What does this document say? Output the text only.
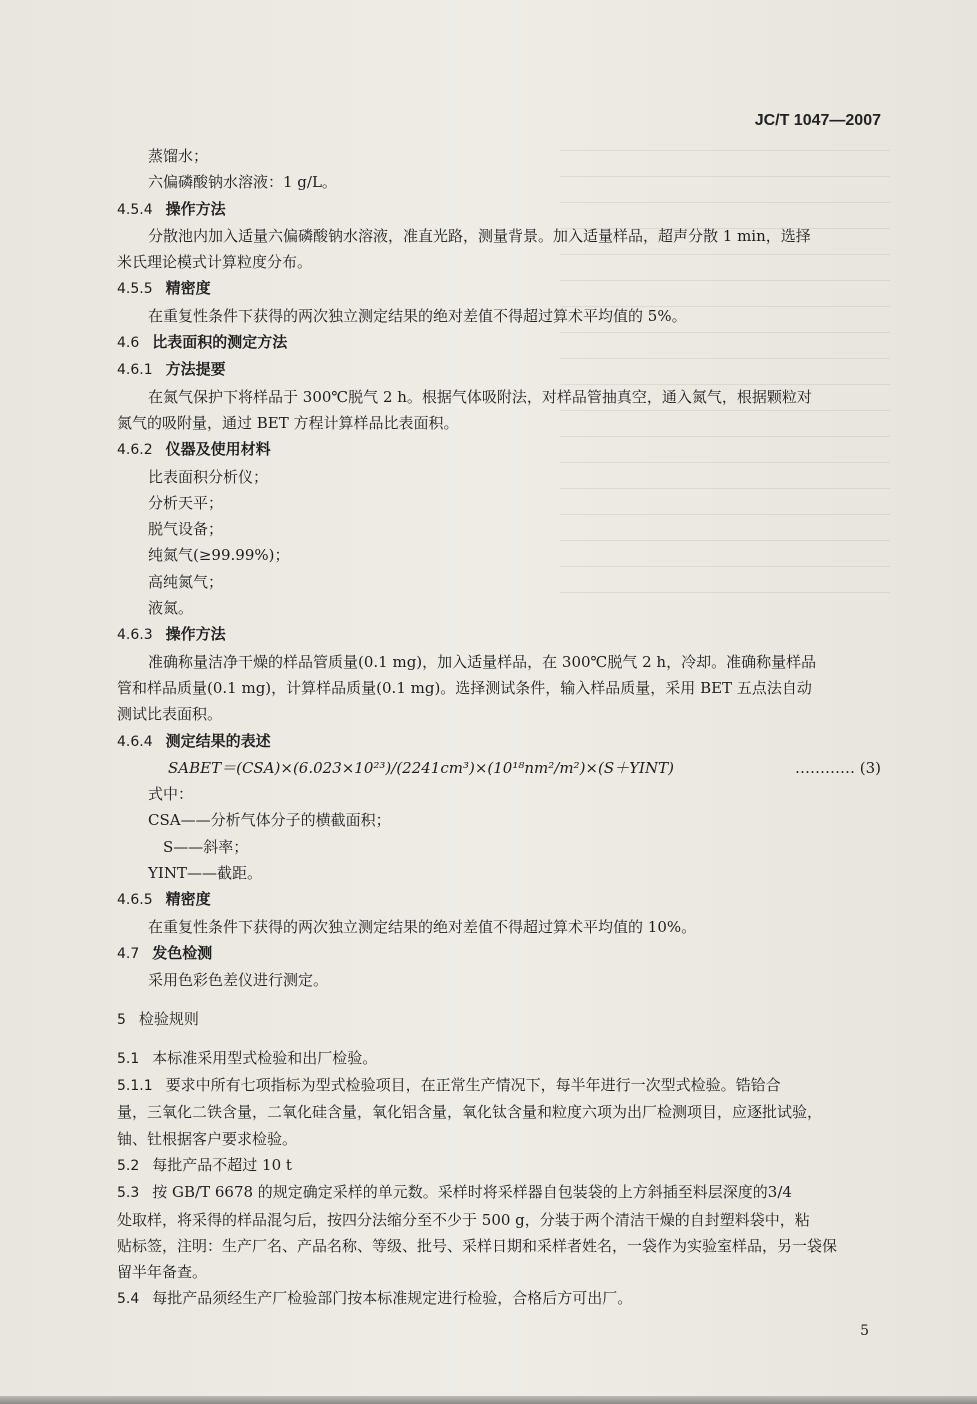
JC/T 1047—2007
蒸馏水；
六偏磷酸钠水溶液：1 g/L。
4.5.4 操作方法
分散池内加入适量六偏磷酸钠水溶液，准直光路，测量背景。加入适量样品，超声分散 1 min，选择
米氏理论模式计算粒度分布。
4.5.5 精密度
在重复性条件下获得的两次独立测定结果的绝对差值不得超过算术平均值的 5%。
4.6 比表面积的测定方法
4.6.1 方法提要
在氮气保护下将样品于 300℃脱气 2 h。根据气体吸附法，对样品管抽真空，通入氮气，根据颗粒对
氮气的吸附量，通过 BET 方程计算样品比表面积。
4.6.2 仪器及使用材料
比表面积分析仪；
分析天平；
脱气设备；
纯氮气(≥99.99%)；
高纯氮气；
液氮。
4.6.3 操作方法
准确称量洁净干燥的样品管质量(0.1 mg)，加入适量样品，在 300℃脱气 2 h，冷却。准确称量样品
管和样品质量(0.1 mg)，计算样品质量(0.1 mg)。选择测试条件，输入样品质量，采用 BET 五点法自动
测试比表面积。
4.6.4 测定结果的表述
SABET＝(CSA)×(6.023×10²³)/(2241cm³)×(10¹⁸nm²/m²)×(S＋YINT)	………… (3)
式中：
CSA——分析气体分子的横截面积；
S——斜率；
YINT——截距。
4.6.5 精密度
在重复性条件下获得的两次独立测定结果的绝对差值不得超过算术平均值的 10%。
4.7 发色检测
采用色彩色差仪进行测定。
5 检验规则
5.1 本标准采用型式检验和出厂检验。
5.1.1 要求中所有七项指标为型式检验项目，在正常生产情况下，每半年进行一次型式检验。锆铪合
量，三氧化二铁含量，二氧化硅含量，氧化铝含量，氧化钛含量和粒度六项为出厂检测项目，应逐批试验，
铀、钍根据客户要求检验。
5.2 每批产品不超过 10 t
5.3 按 GB/T 6678 的规定确定采样的单元数。采样时将采样器自包装袋的上方斜插至料层深度的3/4
处取样，将采得的样品混匀后，按四分法缩分至不少于 500 g，分装于两个清洁干燥的自封塑料袋中，粘
贴标签，注明：生产厂名、产品名称、等级、批号、采样日期和采样者姓名，一袋作为实验室样品，另一袋保
留半年备查。
5.4 每批产品须经生产厂检验部门按本标准规定进行检验，合格后方可出厂。
5
